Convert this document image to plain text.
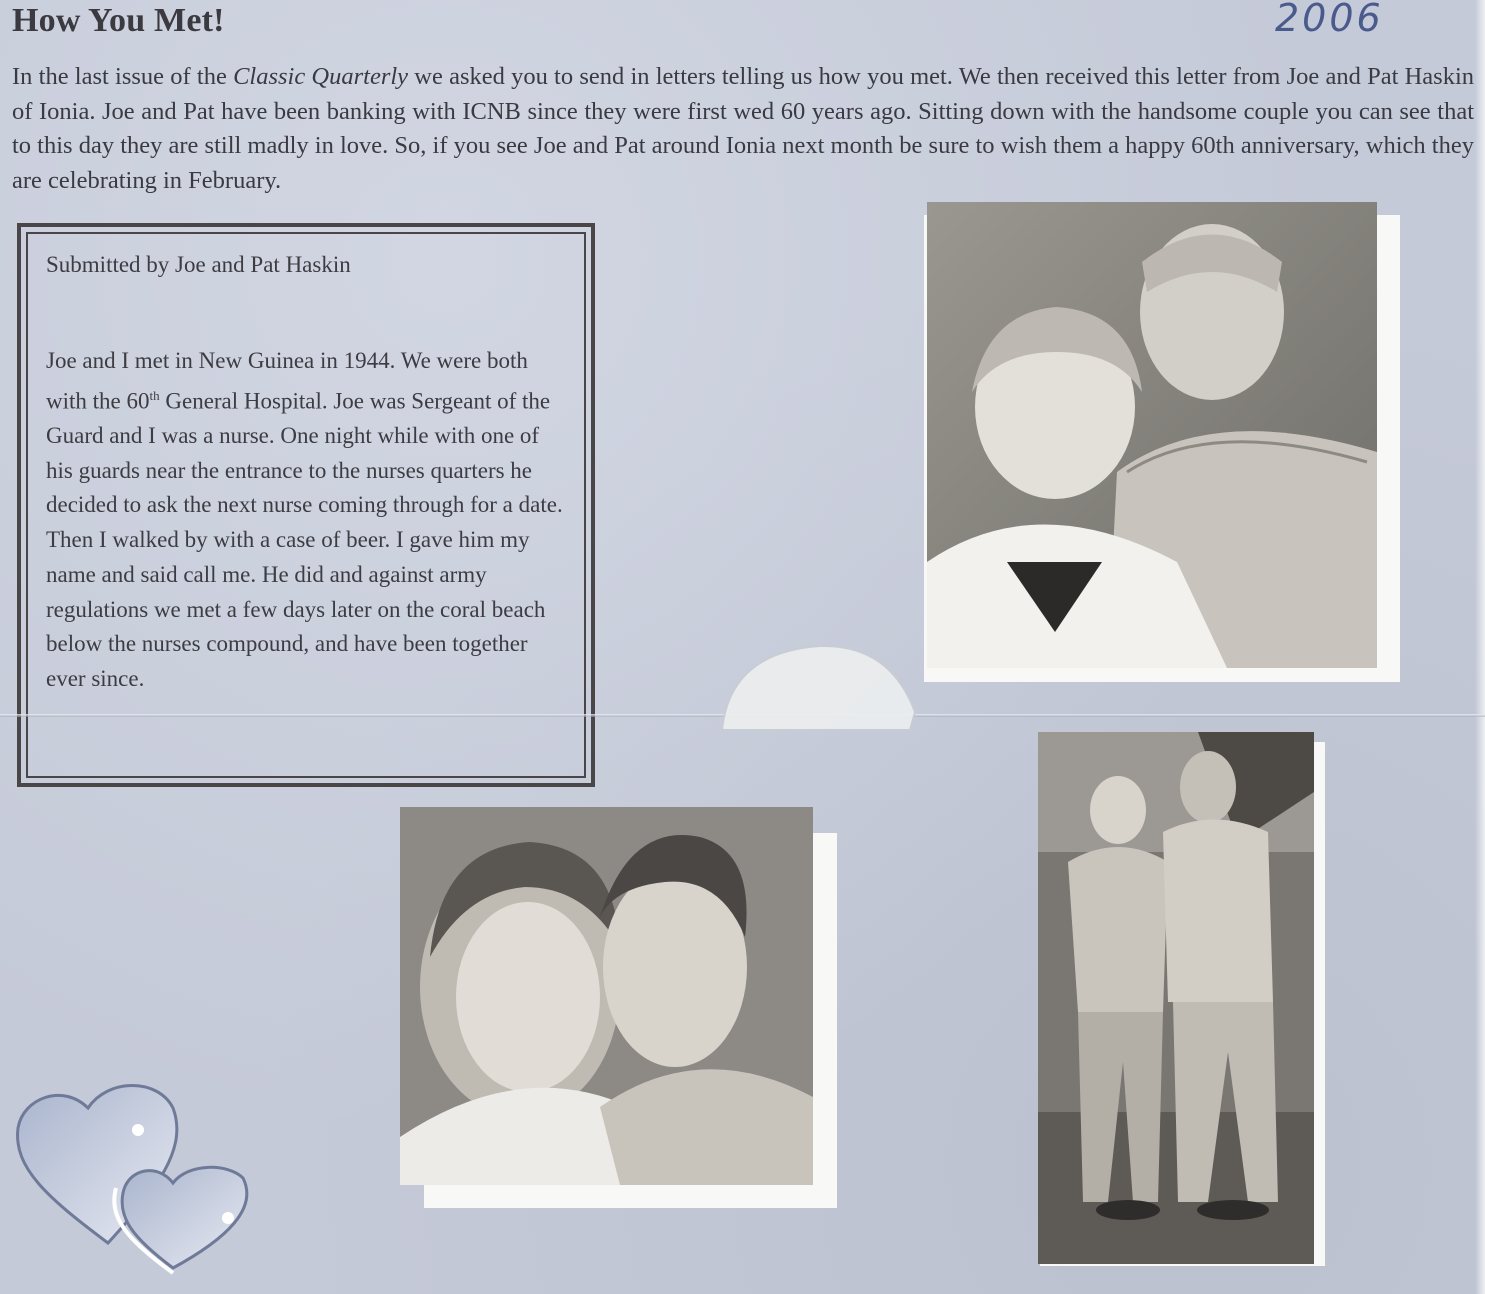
How You Met!	2006

In the last issue of the Classic Quarterly we asked you to send in letters telling us how you met. We then received this letter from Joe and Pat Haskin of Ionia. Joe and Pat have been banking with ICNB since they were first wed 60 years ago. Sitting down with the handsome couple you can see that to this day they are still madly in love. So, if you see Joe and Pat around Ionia next month be sure to wish them a happy 60th anniversary, which they are celebrating in February.

Submitted by Joe and Pat Haskin

Joe and I met in New Guinea in 1944. We were both with the 60th General Hospital. Joe was Sergeant of the Guard and I was a nurse. One night while with one of his guards near the entrance to the nurses quarters he decided to ask the next nurse coming through for a date. Then I walked by with a case of beer. I gave him my name and said call me. He did and against army regulations we met a few days later on the coral beach below the nurses compound, and have been together ever since.
